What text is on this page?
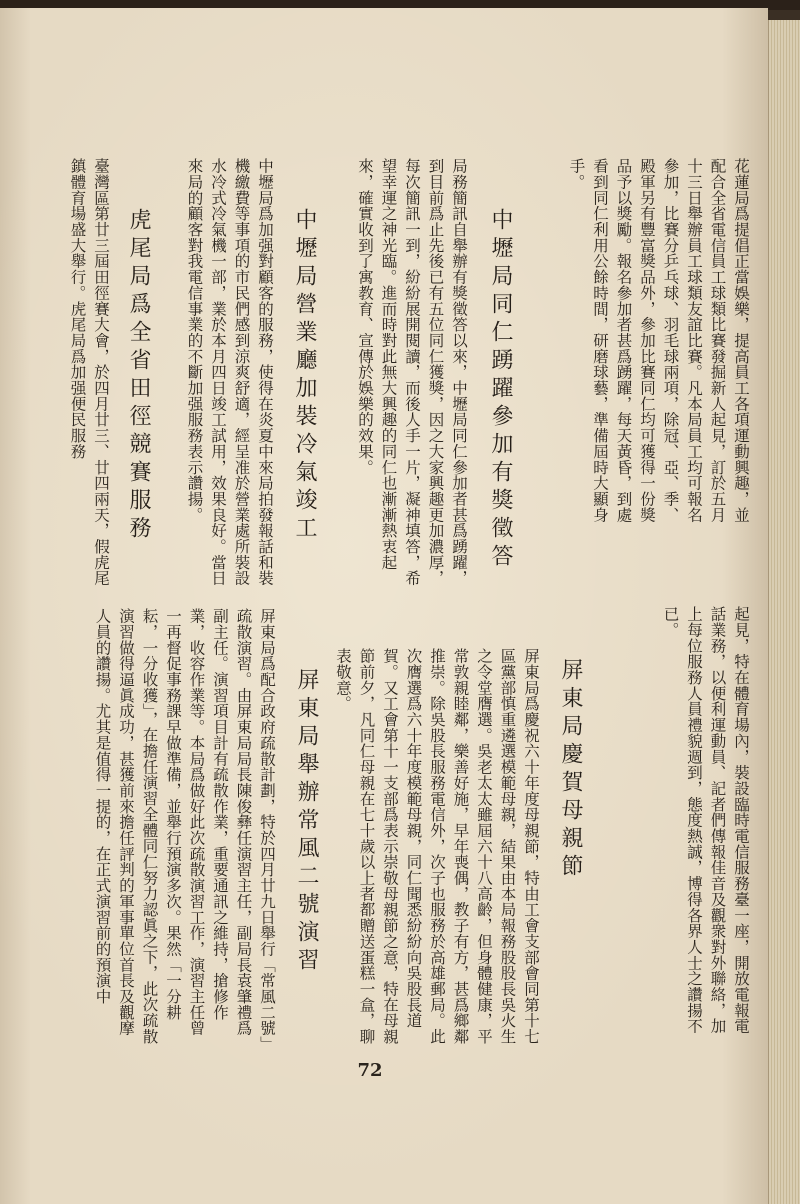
花蓮局爲提倡正當娛樂，提高員工各項運動興趣，並配合全省電信員工球類比賽發掘新人起見，訂於五月十三日舉辦員工球類友誼比賽。凡本局員工均可報名參加，比賽分乒乓球、羽毛球兩項，除冠、亞、季、殿軍另有豐富獎品外，參加比賽同仁均可獲得一份獎品予以獎勵。報名參加者甚爲踴躍，每天黃昏，到處看到同仁利用公餘時間，研磨球藝，準備屆時大顯身手。
中壢局同仁踴躍參加有獎徵答
局務簡訊自舉辦有獎徵答以來，中壢局同仁參加者甚爲踴躍，到目前爲止先後已有五位同仁獲獎，因之大家興趣更加濃厚，每次簡訊一到，紛紛展開閱讀，而後人手一片，凝神填答，希望幸運之神光臨。進而時對此無大興趣的同仁也漸漸熱衷起來，確實收到了寓教育、宣傳於娛樂的效果。
中壢局營業廳加裝冷氣竣工
中壢局爲加强對顧客的服務，使得在炎夏中來局拍發報話和裝機繳費等事項的市民們感到涼爽舒適，經呈准於營業處所裝設水冷式冷氣機一部，業於本月四日竣工試用，效果良好。當日來局的顧客對我電信事業的不斷加强服務表示讚揚。
虎尾局爲全省田徑競賽服務
臺灣區第廿三屆田徑賽大會，於四月廿三、廿四兩天，假虎尾鎮體育場盛大舉行。虎尾局爲加强便民服務
起見，特在體育場內，裝設臨時電信服務臺一座，開放電報電話業務，以便利運動員、記者們傳報佳音及觀衆對外聯絡，加上每位服務人員禮貌週到，態度熱誠，博得各界人士之讚揚不已。
屏東局慶賀母親節
屏東局爲慶祝六十年度母親節，特由工會支部會同第十七區黨部慎重遴選模範母親，結果由本局報務股股長吳火生之令堂膺選。吳老太太雖屆六十八高齡，但身體健康，平常敦親睦鄰，樂善好施，早年喪偶，教子有方，甚爲鄉鄰推崇。除吳股長服務電信外，次子也服務於高雄郵局。此次膺選爲六十年度模範母親，同仁聞悉紛紛向吳股長道賀。又工會第十一支部爲表示崇敬母親節之意，特在母親節前夕，凡同仁母親在七十歲以上者都贈送蛋糕一盒，聊表敬意。
屏東局舉辦常風二號演習
屏東局爲配合政府疏散計劃，特於四月廿九日舉行「常風二號」疏散演習。由屏東局局長陳俊彝任演習主任，副局長袁肇禮爲副主任。演習項目計有疏散作業，重要通訊之維持，搶修作業，收容作業等。本局爲做好此次疏散演習工作，演習主任曾一再督促事務課早做準備，並舉行預演多次。果然「一分耕耘，一分收獲」，在擔任演習全體同仁努力認眞之下，此次疏散演習做得逼眞成功，甚獲前來擔任評判的軍事單位首長及觀摩人員的讚揚。尤其是值得一提的，在正式演習前的預演中
72
